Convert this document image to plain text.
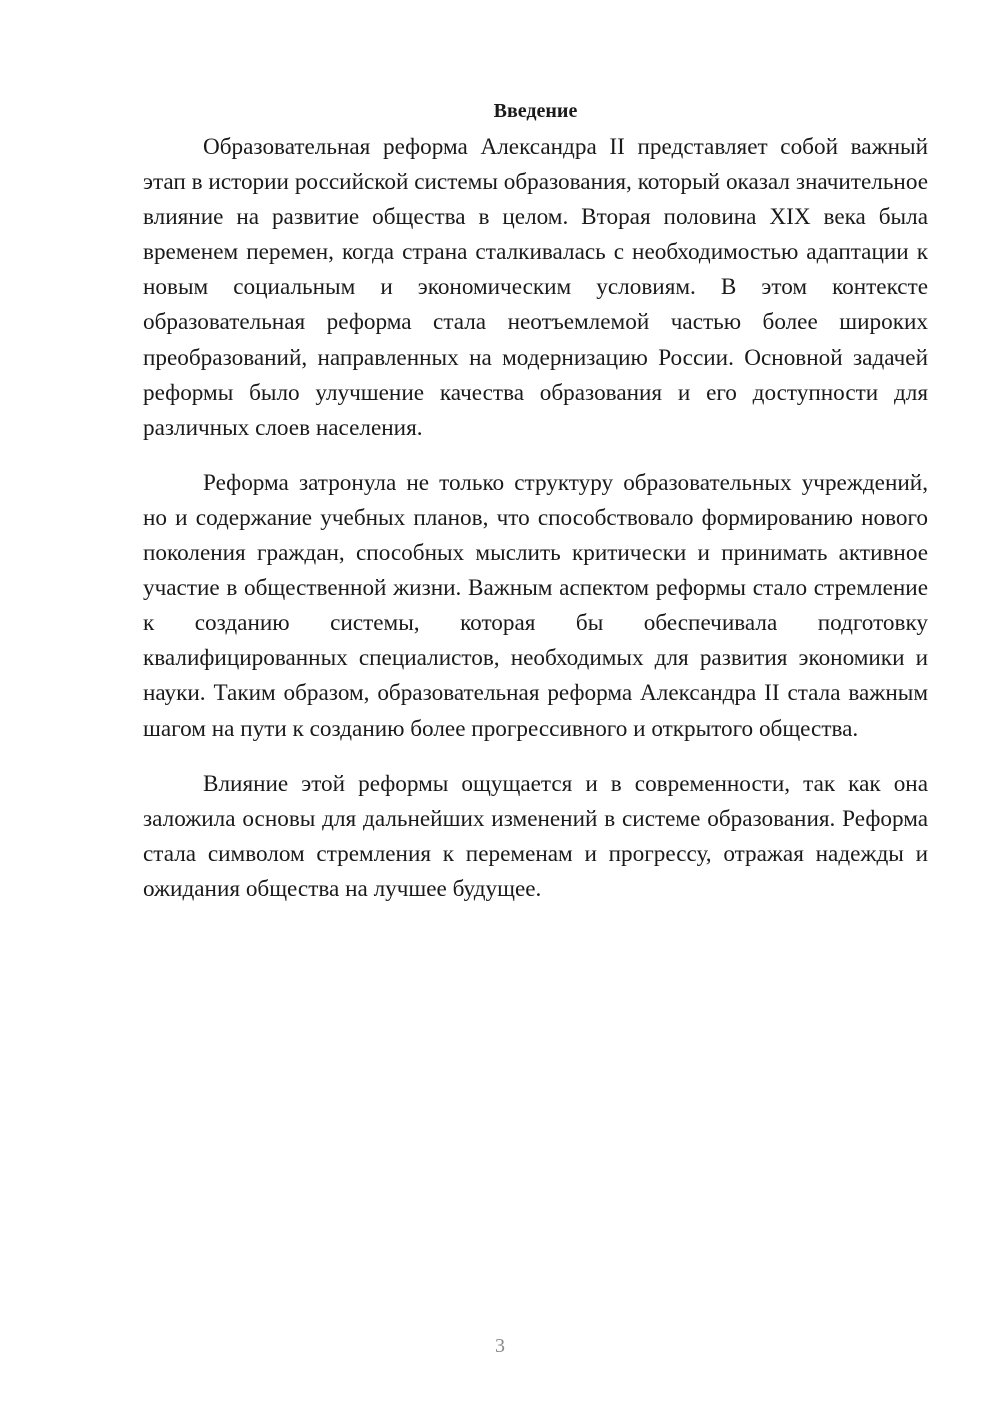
Введение

Образовательная реформа Александра II представляет собой важный этап в истории российской системы образования, который оказал значительное влияние на развитие общества в целом. Вторая половина XIX века была временем перемен, когда страна сталкивалась с необходимостью адаптации к новым социальным и экономическим условиям. В этом контексте образовательная реформа стала неотъемлемой частью более широких преобразований, направленных на модернизацию России. Основной задачей реформы было улучшение качества образования и его доступности для различных слоев населения.

Реформа затронула не только структуру образовательных учреждений, но и содержание учебных планов, что способствовало формированию нового поколения граждан, способных мыслить критически и принимать активное участие в общественной жизни. Важным аспектом реформы стало стремление к созданию системы, которая бы обеспечивала подготовку квалифицированных специалистов, необходимых для развития экономики и науки. Таким образом, образовательная реформа Александра II стала важным шагом на пути к созданию более прогрессивного и открытого общества.

Влияние этой реформы ощущается и в современности, так как она заложила основы для дальнейших изменений в системе образования. Реформа стала символом стремления к переменам и прогрессу, отражая надежды и ожидания общества на лучшее будущее.

3
